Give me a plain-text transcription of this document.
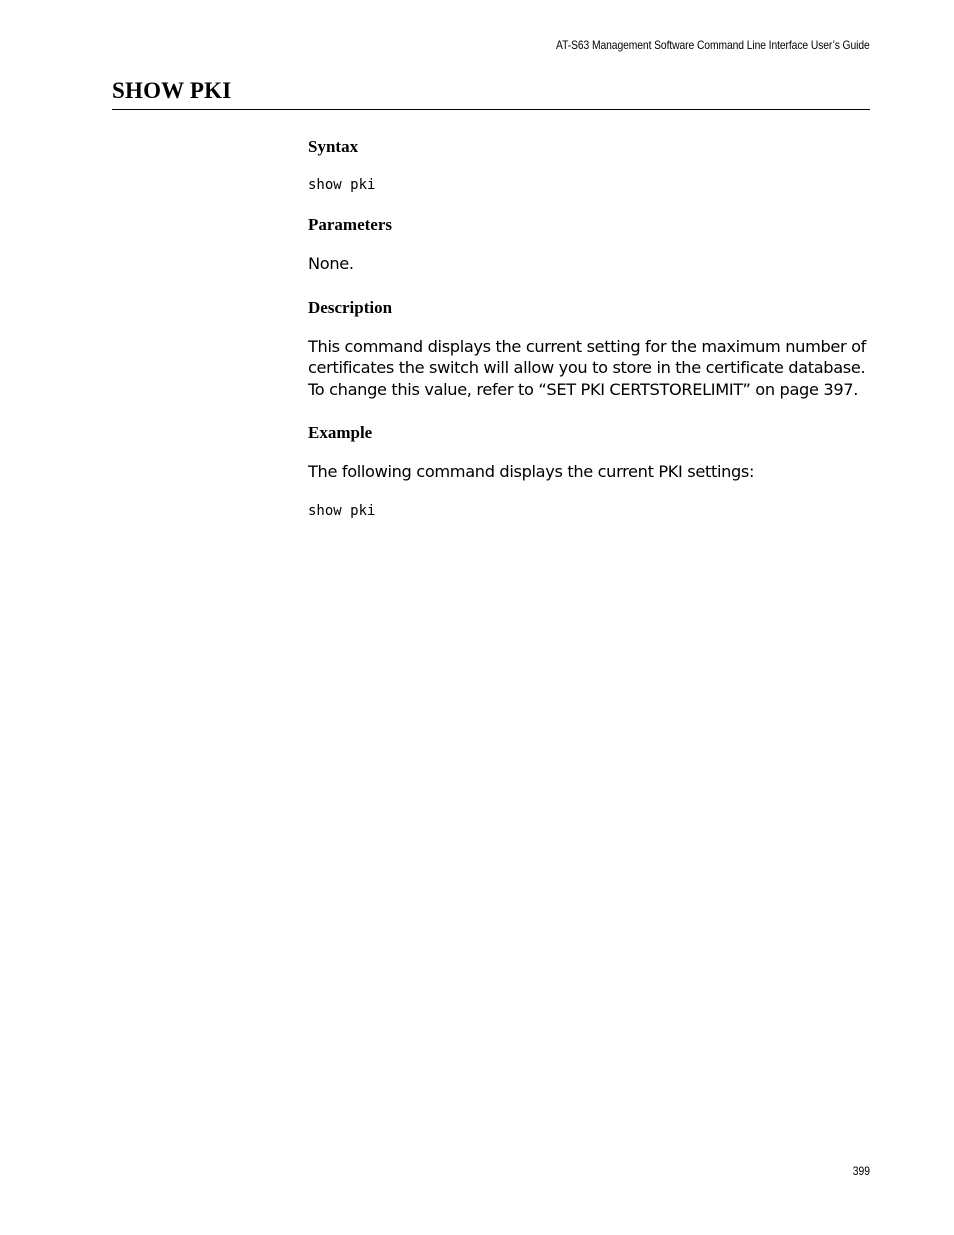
AT-S63 Management Software Command Line Interface User’s Guide
SHOW PKI
Syntax

show pki

Parameters

None.

Description

This command displays the current setting for the maximum number of certificates the switch will allow you to store in the certificate database. To change this value, refer to “SET PKI CERTSTORELIMIT” on page 397.

Example

The following command displays the current PKI settings:

show pki

399
